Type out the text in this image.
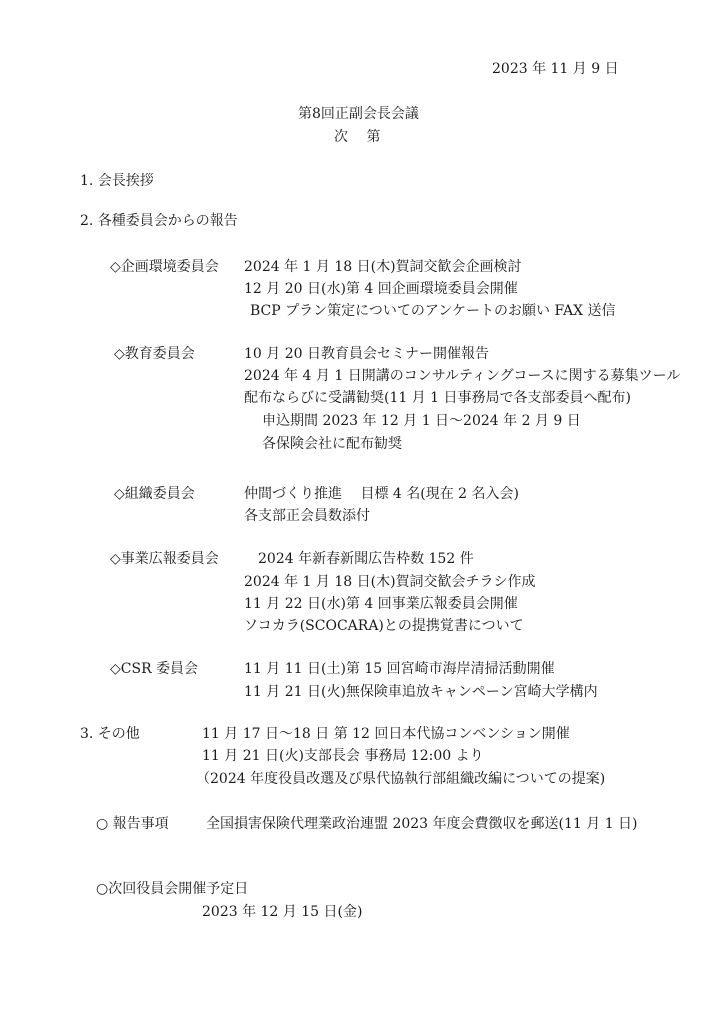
2023 年 11 月 9 日
第8回正副会長会議
次　 第
1. 会長挨拶
2. 各種委員会からの報告
◇企画環境委員会 2024 年 1 月 18 日(木)賀詞交歓会企画検討
12 月 20 日(水)第 4 回企画環境委員会開催
BCP プラン策定についてのアンケートのお願い FAX 送信
◇教育委員会	10 月 20 日教育員会セミナー開催報告
2024 年 4 月 1 日開講のコンサルティングコースに関する募集ツール
配布ならびに受講勧奨(11 月 1 日事務局で各支部委員へ配布)
申込期間 2023 年 12 月 1 日～2024 年 2 月 9 日
各保険会社に配布勧奨
◇組織委員会	仲間づくり推進　 目標 4 名(現在 2 名入会)
各支部正会員数添付
◇事業広報委員会	2024 年新春新聞広告枠数 152 件
2024 年 1 月 18 日(木)賀詞交歓会チラシ作成
11 月 22 日(水)第 4 回事業広報委員会開催
ソコカラ(SCOCARA)との提携覚書について
◇CSR 委員会	11 月 11 日(土)第 15 回宮崎市海岸清掃活動開催
11 月 21 日(火)無保険車追放キャンペーン宮崎大学構内
3. その他	11 月 17 日～18 日 第 12 回日本代協コンベンション開催
11 月 21 日(火)支部長会 事務局 12:00 より
（2024 年度役員改選及び県代協執行部組織改編についての提案)
○ 報告事項	全国損害保険代理業政治連盟 2023 年度会費徴収を郵送(11 月 1 日)
○次回役員会開催予定日
2023 年 12 月 15 日(金)
